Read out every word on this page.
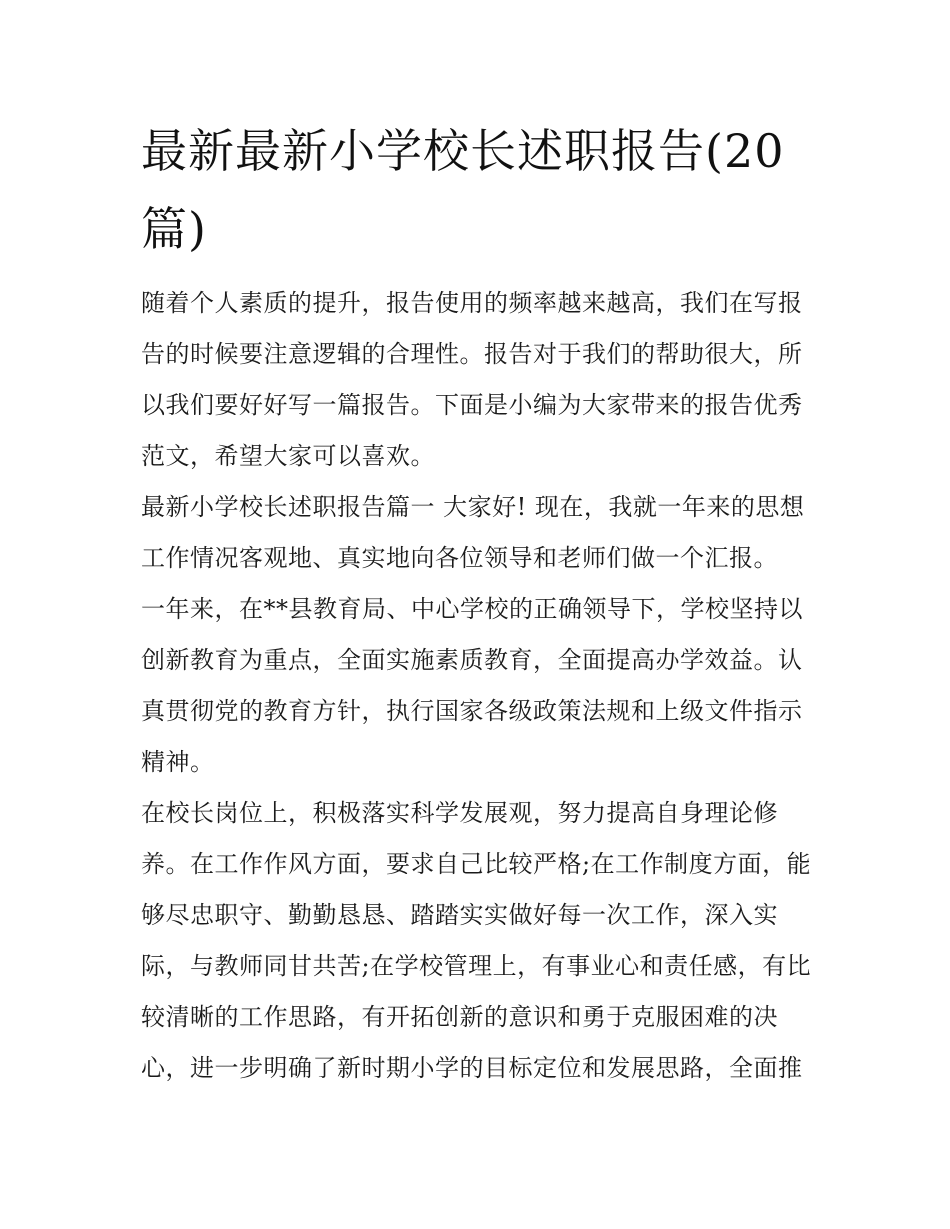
最新最新小学校长述职报告(20篇)

随着个人素质的提升，报告使用的频率越来越高，我们在写报告的时候要注意逻辑的合理性。报告对于我们的帮助很大，所以我们要好好写一篇报告。下面是小编为大家带来的报告优秀范文，希望大家可以喜欢。

最新小学校长述职报告篇一 大家好! 现在，我就一年来的思想工作情况客观地、真实地向各位领导和老师们做一个汇报。

一年来，在**县教育局、中心学校的正确领导下，学校坚持以创新教育为重点，全面实施素质教育，全面提高办学效益。认真贯彻党的教育方针，执行国家各级政策法规和上级文件指示精神。

在校长岗位上，积极落实科学发展观，努力提高自身理论修养。在工作作风方面，要求自己比较严格;在工作制度方面，能够尽忠职守、勤勤恳恳、踏踏实实做好每一次工作，深入实际，与教师同甘共苦;在学校管理上，有事业心和责任感，有比较清晰的工作思路，有开拓创新的意识和勇于克服困难的决心，进一步明确了新时期小学的目标定位和发展思路，全面推
